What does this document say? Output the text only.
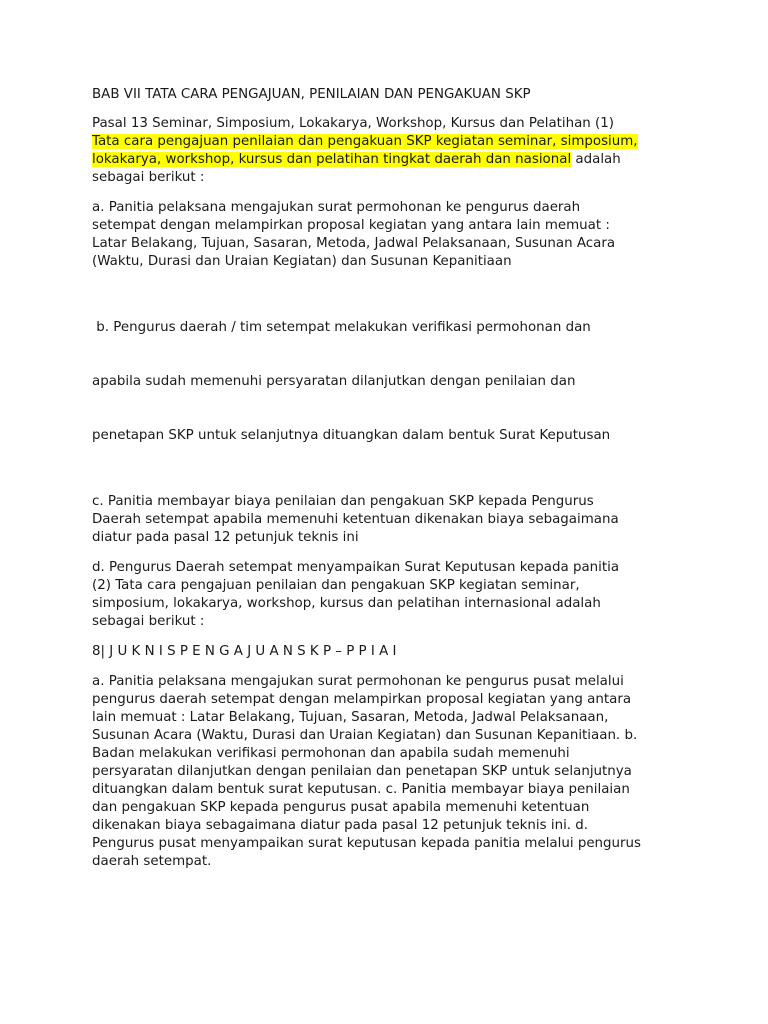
BAB VII TATA CARA PENGAJUAN, PENILAIAN DAN PENGAKUAN SKP

Pasal 13 Seminar, Simposium, Lokakarya, Workshop, Kursus dan Pelatihan (1)
Tata cara pengajuan penilaian dan pengakuan SKP kegiatan seminar, simposium,
lokakarya, workshop, kursus dan pelatihan tingkat daerah dan nasional adalah
sebagai berikut :

a. Panitia pelaksana mengajukan surat permohonan ke pengurus daerah
setempat dengan melampirkan proposal kegiatan yang antara lain memuat :
Latar Belakang, Tujuan, Sasaran, Metoda, Jadwal Pelaksanaan, Susunan Acara
(Waktu, Durasi dan Uraian Kegiatan) dan Susunan Kepanitiaan

b. Pengurus daerah / tim setempat melakukan verifikasi permohonan dan

apabila sudah memenuhi persyaratan dilanjutkan dengan penilaian dan

penetapan SKP untuk selanjutnya dituangkan dalam bentuk Surat Keputusan

c. Panitia membayar biaya penilaian dan pengakuan SKP kepada Pengurus
Daerah setempat apabila memenuhi ketentuan dikenakan biaya sebagaimana
diatur pada pasal 12 petunjuk teknis ini

d. Pengurus Daerah setempat menyampaikan Surat Keputusan kepada panitia
(2) Tata cara pengajuan penilaian dan pengakuan SKP kegiatan seminar,
simposium, lokakarya, workshop, kursus dan pelatihan internasional adalah
sebagai berikut :

8| J U K N I S P E N G A J U A N S K P – P P I A I

a. Panitia pelaksana mengajukan surat permohonan ke pengurus pusat melalui
pengurus daerah setempat dengan melampirkan proposal kegiatan yang antara
lain memuat : Latar Belakang, Tujuan, Sasaran, Metoda, Jadwal Pelaksanaan,
Susunan Acara (Waktu, Durasi dan Uraian Kegiatan) dan Susunan Kepanitiaan. b.
Badan melakukan verifikasi permohonan dan apabila sudah memenuhi
persyaratan dilanjutkan dengan penilaian dan penetapan SKP untuk selanjutnya
dituangkan dalam bentuk surat keputusan. c. Panitia membayar biaya penilaian
dan pengakuan SKP kepada pengurus pusat apabila memenuhi ketentuan
dikenakan biaya sebagaimana diatur pada pasal 12 petunjuk teknis ini. d.
Pengurus pusat menyampaikan surat keputusan kepada panitia melalui pengurus
daerah setempat.
